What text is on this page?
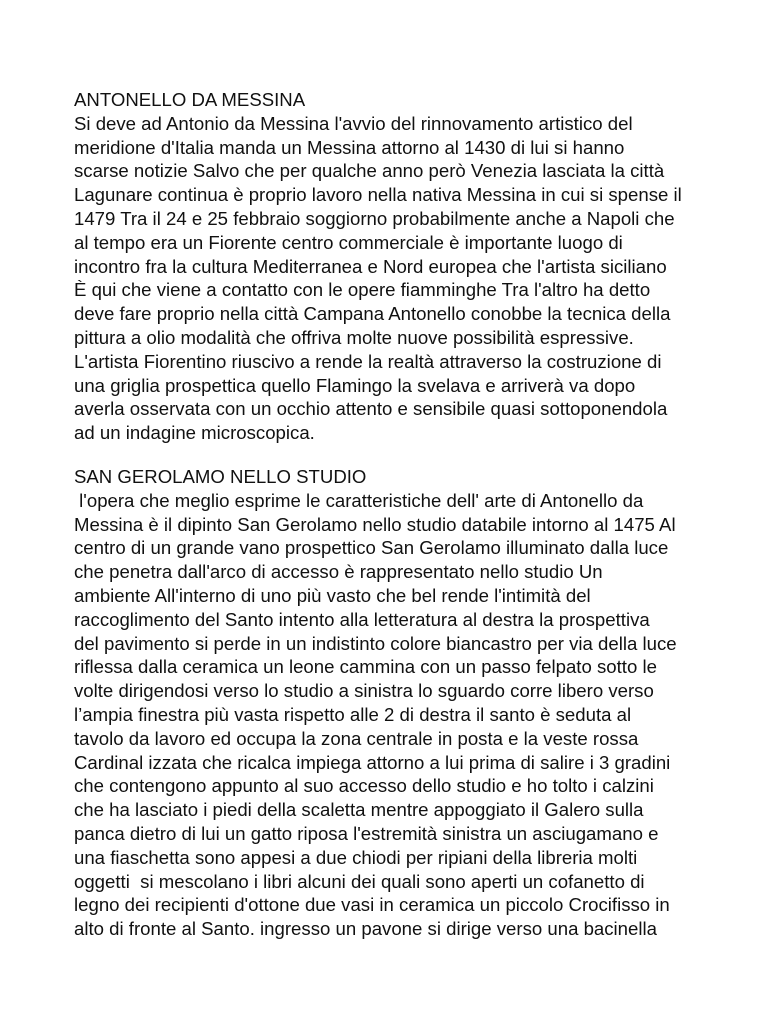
ANTONELLO DA MESSINA
Si deve ad Antonio da Messina l'avvio del rinnovamento artistico del
meridione d'Italia manda un Messina attorno al 1430 di lui si hanno
scarse notizie Salvo che per qualche anno però Venezia lasciata la città
Lagunare continua è proprio lavoro nella nativa Messina in cui si spense il
1479 Tra il 24 e 25 febbraio soggiorno probabilmente anche a Napoli che
al tempo era un Fiorente centro commerciale è importante luogo di
incontro fra la cultura Mediterranea e Nord europea che l'artista siciliano
È qui che viene a contatto con le opere fiamminghe Tra l'altro ha detto
deve fare proprio nella città Campana Antonello conobbe la tecnica della
pittura a olio modalità che offriva molte nuove possibilità espressive.
L'artista Fiorentino riuscivo a rende la realtà attraverso la costruzione di
una griglia prospettica quello Flamingo la svelava e arriverà va dopo
averla osservata con un occhio attento e sensibile quasi sottoponendola
ad un indagine microscopica.
SAN GEROLAMO NELLO STUDIO
l'opera che meglio esprime le caratteristiche dell' arte di Antonello da
Messina è il dipinto San Gerolamo nello studio databile intorno al 1475 Al
centro di un grande vano prospettico San Gerolamo illuminato dalla luce
che penetra dall'arco di accesso è rappresentato nello studio Un
ambiente All'interno di uno più vasto che bel rende l'intimità del
raccoglimento del Santo intento alla letteratura al destra la prospettiva
del pavimento si perde in un indistinto colore biancastro per via della luce
riflessa dalla ceramica un leone cammina con un passo felpato sotto le
volte dirigendosi verso lo studio a sinistra lo sguardo corre libero verso
l’ampia finestra più vasta rispetto alle 2 di destra il santo è seduta al
tavolo da lavoro ed occupa la zona centrale in posta e la veste rossa
Cardinal izzata che ricalca impiega attorno a lui prima di salire i 3 gradini
che contengono appunto al suo accesso dello studio e ho tolto i calzini
che ha lasciato i piedi della scaletta mentre appoggiato il Galero sulla
panca dietro di lui un gatto riposa l'estremità sinistra un asciugamano e
una fiaschetta sono appesi a due chiodi per ripiani della libreria molti
oggetti  si mescolano i libri alcuni dei quali sono aperti un cofanetto di
legno dei recipienti d'ottone due vasi in ceramica un piccolo Crocifisso in
alto di fronte al Santo. ingresso un pavone si dirige verso una bacinella
